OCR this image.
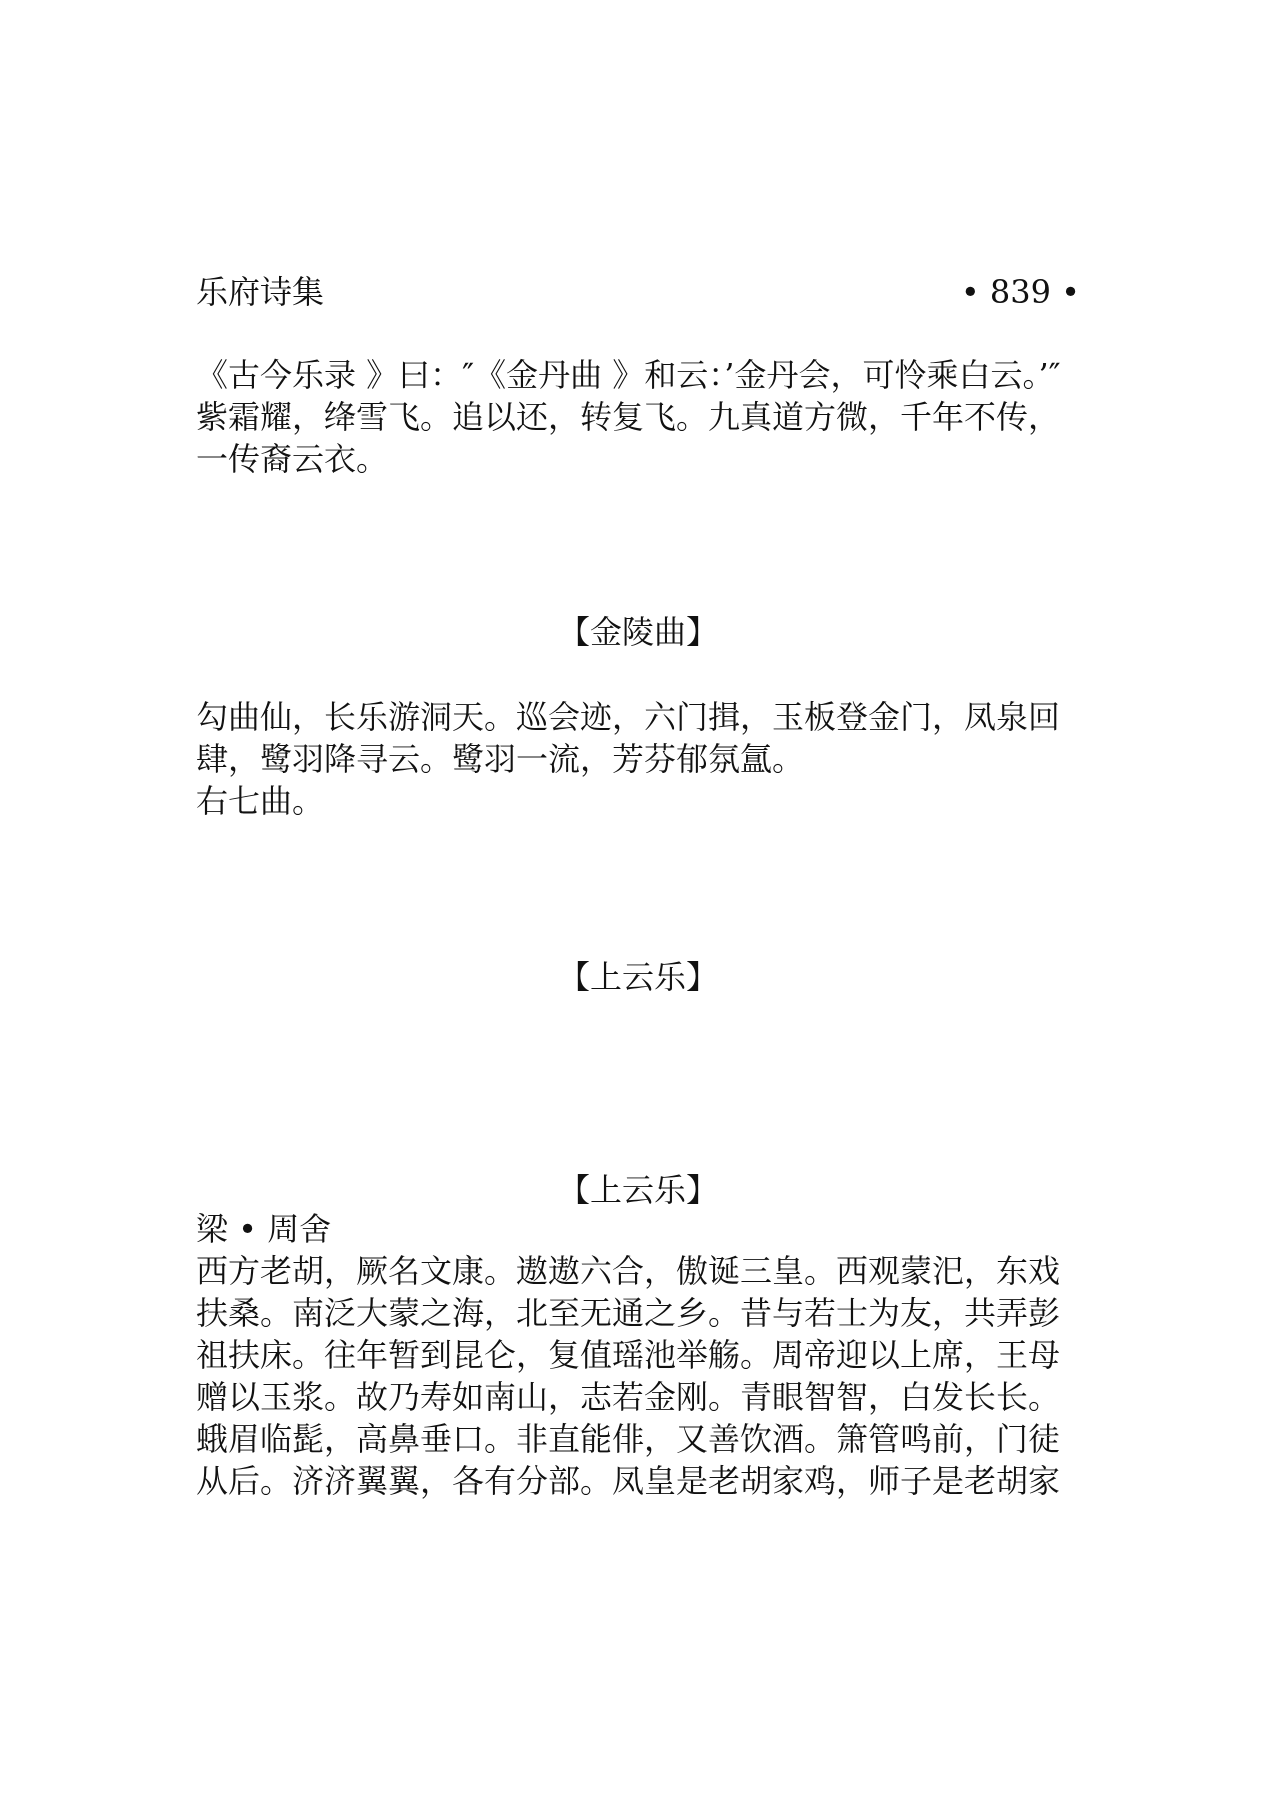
乐府诗集	• 839 •
《古今乐录 》曰：″《金丹曲 》和云：’金丹会，可怜乘白云。’″
紫霜耀，绛雪飞。追以还，转复飞。九真道方微，千年不传，
一传裔云衣。
【金陵曲】
勾曲仙，长乐游洞天。巡会迹，六门揖，玉板登金门，凤泉回
肆，鹭羽降寻云。鹭羽一流，芳芬郁氛氲。
右七曲。
【上云乐】
【上云乐】
梁 • 周舍
西方老胡，厥名文康。遨遨六合，傲诞三皇。西观蒙汜，东戏
扶桑。南泛大蒙之海，北至无通之乡。昔与若士为友，共弄彭
祖扶床。往年暂到昆仑，复值瑶池举觞。周帝迎以上席，王母
赠以玉浆。故乃寿如南山，志若金刚。青眼智智，白发长长。
蛾眉临髭，高鼻垂口。非直能俳，又善饮酒。箫管鸣前，门徒
从后。济济翼翼，各有分部。凤皇是老胡家鸡，师子是老胡家
